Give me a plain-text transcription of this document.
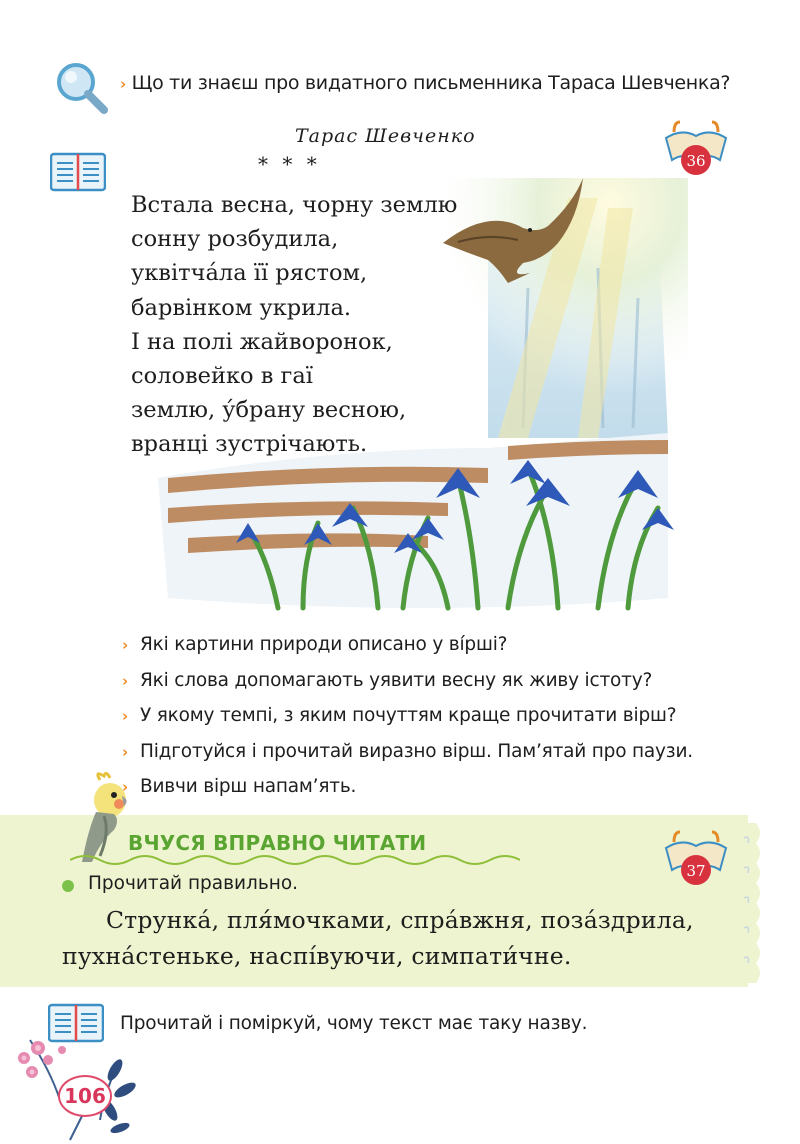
› Що ти знаєш про видатного письменника Тараса Шевченка?
Тарас Шевченко
* * *	36
Встала весна, чорну землю
сонну розбудила,
уквітча́ла її рястом,
барвінком укрила.
І на полі жайворонок,
соловейко в гаї
землю, у́брану весною,
вранці зустрічають.
› Які картини природи описано у ві́рші?
› Які слова допомагають уявити весну як живу істоту?
› У якому темпі, з яким почуттям краще прочитати вірш?
› Підготуйся і прочитай виразно вірш. Пам’ятай про паузи.
› Вивчи вірш напам’ять.
ВЧУСЯ ВПРАВНО ЧИТАТИ
37
Прочитай правильно.
Струнка́, пля́мочками, спра́вжня, поза́здрила,
пухна́стеньке, наспі́вуючи, симпати́чне.
Прочитай і поміркуй, чому текст має таку назву.
106
